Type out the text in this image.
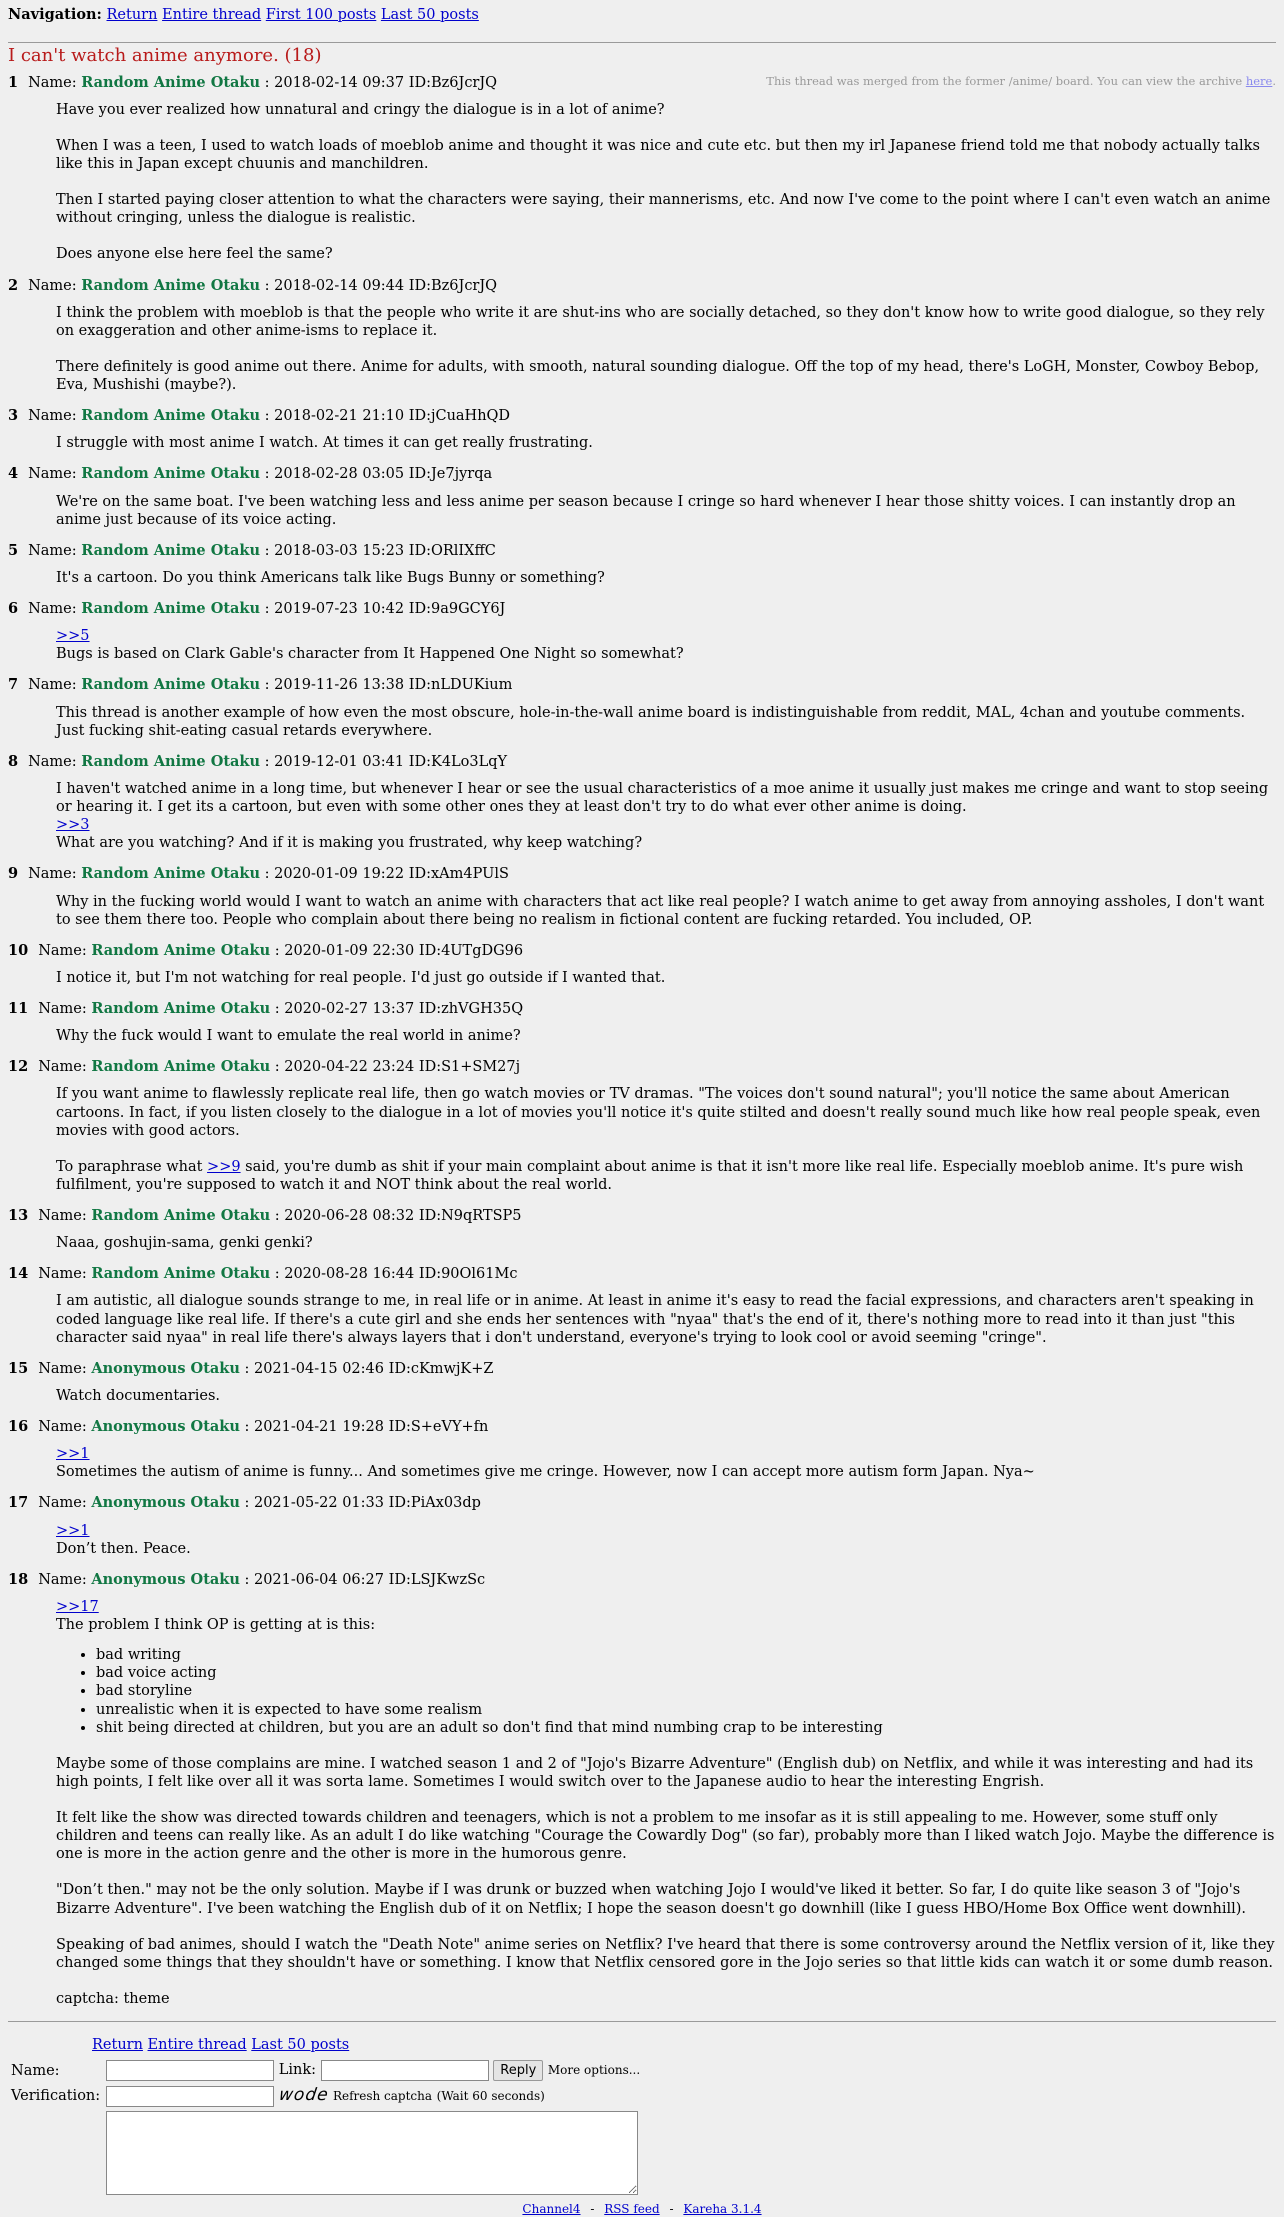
Navigation: Return Entire thread First 100 posts Last 50 posts
I can't watch anime anymore. (18)
1 Name: Random Anime Otaku : 2018-02-14 09:37 ID:Bz6JcrJQ	This thread was merged from the former /anime/ board. You can view the archive here.

Have you ever realized how unnatural and cringy the dialogue is in a lot of anime?

When I was a teen, I used to watch loads of moeblob anime and thought it was nice and cute etc. but then my irl Japanese friend told me that nobody actually talks like this in Japan except chuunis and manchildren.

Then I started paying closer attention to what the characters were saying, their mannerisms, etc. And now I've come to the point where I can't even watch an anime without cringing, unless the dialogue is realistic.

Does anyone else here feel the same?

2 Name: Random Anime Otaku : 2018-02-14 09:44 ID:Bz6JcrJQ

I think the problem with moeblob is that the people who write it are shut-ins who are socially detached, so they don't know how to write good dialogue, so they rely on exaggeration and other anime-isms to replace it.

There definitely is good anime out there. Anime for adults, with smooth, natural sounding dialogue. Off the top of my head, there's LoGH, Monster, Cowboy Bebop, Eva, Mushishi (maybe?).

3 Name: Random Anime Otaku : 2018-02-21 21:10 ID:jCuaHhQD

I struggle with most anime I watch. At times it can get really frustrating.

4 Name: Random Anime Otaku : 2018-02-28 03:05 ID:Je7jyrqa

We're on the same boat. I've been watching less and less anime per season because I cringe so hard whenever I hear those shitty voices. I can instantly drop an anime just because of its voice acting.

5 Name: Random Anime Otaku : 2018-03-03 15:23 ID:ORlIXffC

It's a cartoon. Do you think Americans talk like Bugs Bunny or something?

6 Name: Random Anime Otaku : 2019-07-23 10:42 ID:9a9GCY6J
>>5
Bugs is based on Clark Gable's character from It Happened One Night so somewhat?
7 Name: Random Anime Otaku : 2019-11-26 13:38 ID:nLDUKium

This thread is another example of how even the most obscure, hole-in-the-wall anime board is indistinguishable from reddit, MAL, 4chan and youtube comments. Just fucking shit-eating casual retards everywhere.

8 Name: Random Anime Otaku : 2019-12-01 03:41 ID:K4Lo3LqY
I haven't watched anime in a long time, but whenever I hear or see the usual characteristics of a moe anime it usually just makes me cringe and want to stop seeing or hearing it. I get its a cartoon, but even with some other ones they at least don't try to do what ever other anime is doing.
>>3
What are you watching? And if it is making you frustrated, why keep watching?
9 Name: Random Anime Otaku : 2020-01-09 19:22 ID:xAm4PUlS

Why in the fucking world would I want to watch an anime with characters that act like real people? I watch anime to get away from annoying assholes, I don't want to see them there too. People who complain about there being no realism in fictional content are fucking retarded. You included, OP.

10 Name: Random Anime Otaku : 2020-01-09 22:30 ID:4UTgDG96

I notice it, but I'm not watching for real people. I'd just go outside if I wanted that.

11 Name: Random Anime Otaku : 2020-02-27 13:37 ID:zhVGH35Q

Why the fuck would I want to emulate the real world in anime?

12 Name: Random Anime Otaku : 2020-04-22 23:24 ID:S1+SM27j

If you want anime to flawlessly replicate real life, then go watch movies or TV dramas. "The voices don't sound natural"; you'll notice the same about American cartoons. In fact, if you listen closely to the dialogue in a lot of movies you'll notice it's quite stilted and doesn't really sound much like how real people speak, even movies with good actors.

To paraphrase what >>9 said, you're dumb as shit if your main complaint about anime is that it isn't more like real life. Especially moeblob anime. It's pure wish fulfilment, you're supposed to watch it and NOT think about the real world.

13 Name: Random Anime Otaku : 2020-06-28 08:32 ID:N9qRTSP5

Naaa, goshujin-sama, genki genki?

14 Name: Random Anime Otaku : 2020-08-28 16:44 ID:90Ol61Mc

I am autistic, all dialogue sounds strange to me, in real life or in anime. At least in anime it's easy to read the facial expressions, and characters aren't speaking in coded language like real life. If there's a cute girl and she ends her sentences with "nyaa" that's the end of it, there's nothing more to read into it than just "this character said nyaa" in real life there's always layers that i don't understand, everyone's trying to look cool or avoid seeming "cringe".

15 Name: Anonymous Otaku : 2021-04-15 02:46 ID:cKmwjK+Z

Watch documentaries.

16 Name: Anonymous Otaku : 2021-04-21 19:28 ID:S+eVY+fn
>>1
Sometimes the autism of anime is funny... And sometimes give me cringe. However, now I can accept more autism form Japan. Nya~
17 Name: Anonymous Otaku : 2021-05-22 01:33 ID:PiAx03dp
>>1
Don’t then. Peace.
18 Name: Anonymous Otaku : 2021-06-04 06:27 ID:LSJKwzSc
>>17
The problem I think OP is getting at is this:
• bad writing
• bad voice acting
• bad storyline
• unrealistic when it is expected to have some realism
• shit being directed at children, but you are an adult so don't find that mind numbing crap to be interesting
Maybe some of those complains are mine. I watched season 1 and 2 of "Jojo's Bizarre Adventure" (English dub) on Netflix, and while it was interesting and had its high points, I felt like over all it was sorta lame. Sometimes I would switch over to the Japanese audio to hear the interesting Engrish.

It felt like the show was directed towards children and teenagers, which is not a problem to me insofar as it is still appealing to me. However, some stuff only children and teens can really like. As an adult I do like watching "Courage the Cowardly Dog" (so far), probably more than I liked watch Jojo. Maybe the difference is one is more in the action genre and the other is more in the humorous genre.

"Don’t then." may not be the only solution. Maybe if I was drunk or buzzed when watching Jojo I would've liked it better. So far, I do quite like season 3 of "Jojo's Bizarre Adventure". I've been watching the English dub of it on Netflix; I hope the season doesn't go downhill (like I guess HBO/Home Box Office went downhill).

Speaking of bad animes, should I watch the "Death Note" anime series on Netflix? I've heard that there is some controversy around the Netflix version of it, like they changed some things that they shouldn't have or something. I know that Netflix censored gore in the Jojo series so that little kids can watch it or some dumb reason.

captcha: theme

Return Entire thread Last 50 posts
Name:	Link: Reply More options...
Verification:	wode Refresh captcha (Wait 60 seconds)

Channel4 - RSS feed - Kareha 3.1.4
